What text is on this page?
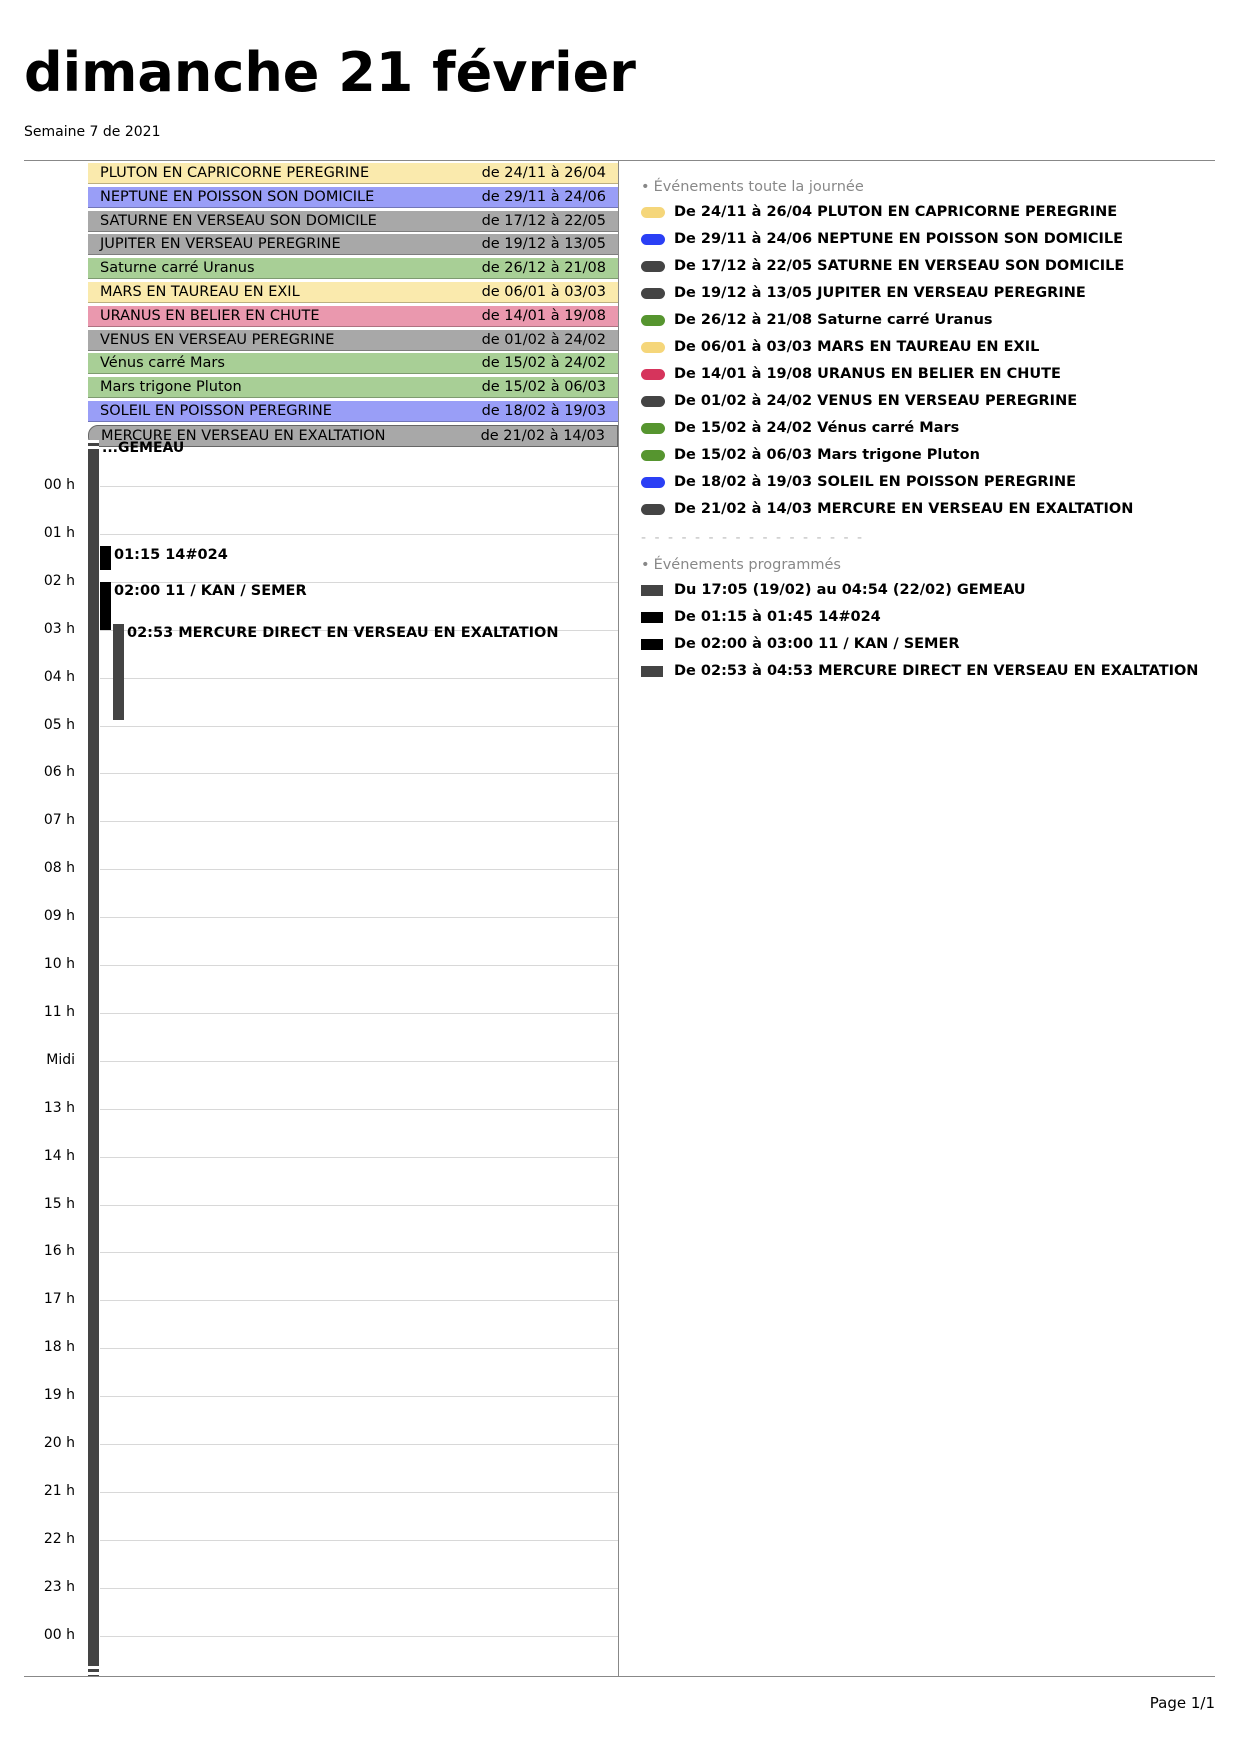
dimanche 21 février
Semaine 7 de 2021
PLUTON EN CAPRICORNE PEREGRINE	de 24/11 à 26/04
NEPTUNE EN POISSON SON DOMICILE	de 29/11 à 24/06
SATURNE EN VERSEAU SON DOMICILE	de 17/12 à 22/05
JUPITER EN VERSEAU PEREGRINE	de 19/12 à 13/05
Saturne carré Uranus	de 26/12 à 21/08
MARS EN TAUREAU EN EXIL	de 06/01 à 03/03
URANUS EN BELIER EN CHUTE	de 14/01 à 19/08
VENUS EN VERSEAU PEREGRINE	de 01/02 à 24/02
Vénus carré Mars	de 15/02 à 24/02
Mars trigone Pluton	de 15/02 à 06/03
SOLEIL EN POISSON PEREGRINE	de 18/02 à 19/03
MERCURE EN VERSEAU EN EXALTATION	de 21/02 à 14/03
...GEMEAU
00 h
01 h
02 h
03 h
04 h
05 h
06 h
07 h
08 h
09 h
10 h
11 h
Midi
13 h
14 h
15 h
16 h
17 h
18 h
19 h
20 h
21 h
22 h
23 h
00 h
01:15 14#024
02:00 11 / KAN / SEMER
02:53 MERCURE DIRECT EN VERSEAU EN EXALTATION
• Événements toute la journée
De 24/11 à 26/04 PLUTON EN CAPRICORNE PEREGRINE
De 29/11 à 24/06 NEPTUNE EN POISSON SON DOMICILE
De 17/12 à 22/05 SATURNE EN VERSEAU SON DOMICILE
De 19/12 à 13/05 JUPITER EN VERSEAU PEREGRINE
De 26/12 à 21/08 Saturne carré Uranus
De 06/01 à 03/03 MARS EN TAUREAU EN EXIL
De 14/01 à 19/08 URANUS EN BELIER EN CHUTE
De 01/02 à 24/02 VENUS EN VERSEAU PEREGRINE
De 15/02 à 24/02 Vénus carré Mars
De 15/02 à 06/03 Mars trigone Pluton
De 18/02 à 19/03 SOLEIL EN POISSON PEREGRINE
De 21/02 à 14/03 MERCURE EN VERSEAU EN EXALTATION
- - - - - - - - - - - - - - - - -
• Événements programmés
Du 17:05 (19/02) au 04:54 (22/02) GEMEAU
De 01:15 à 01:45 14#024
De 02:00 à 03:00 11 / KAN / SEMER
De 02:53 à 04:53 MERCURE DIRECT EN VERSEAU EN EXALTATION
Page 1/1
